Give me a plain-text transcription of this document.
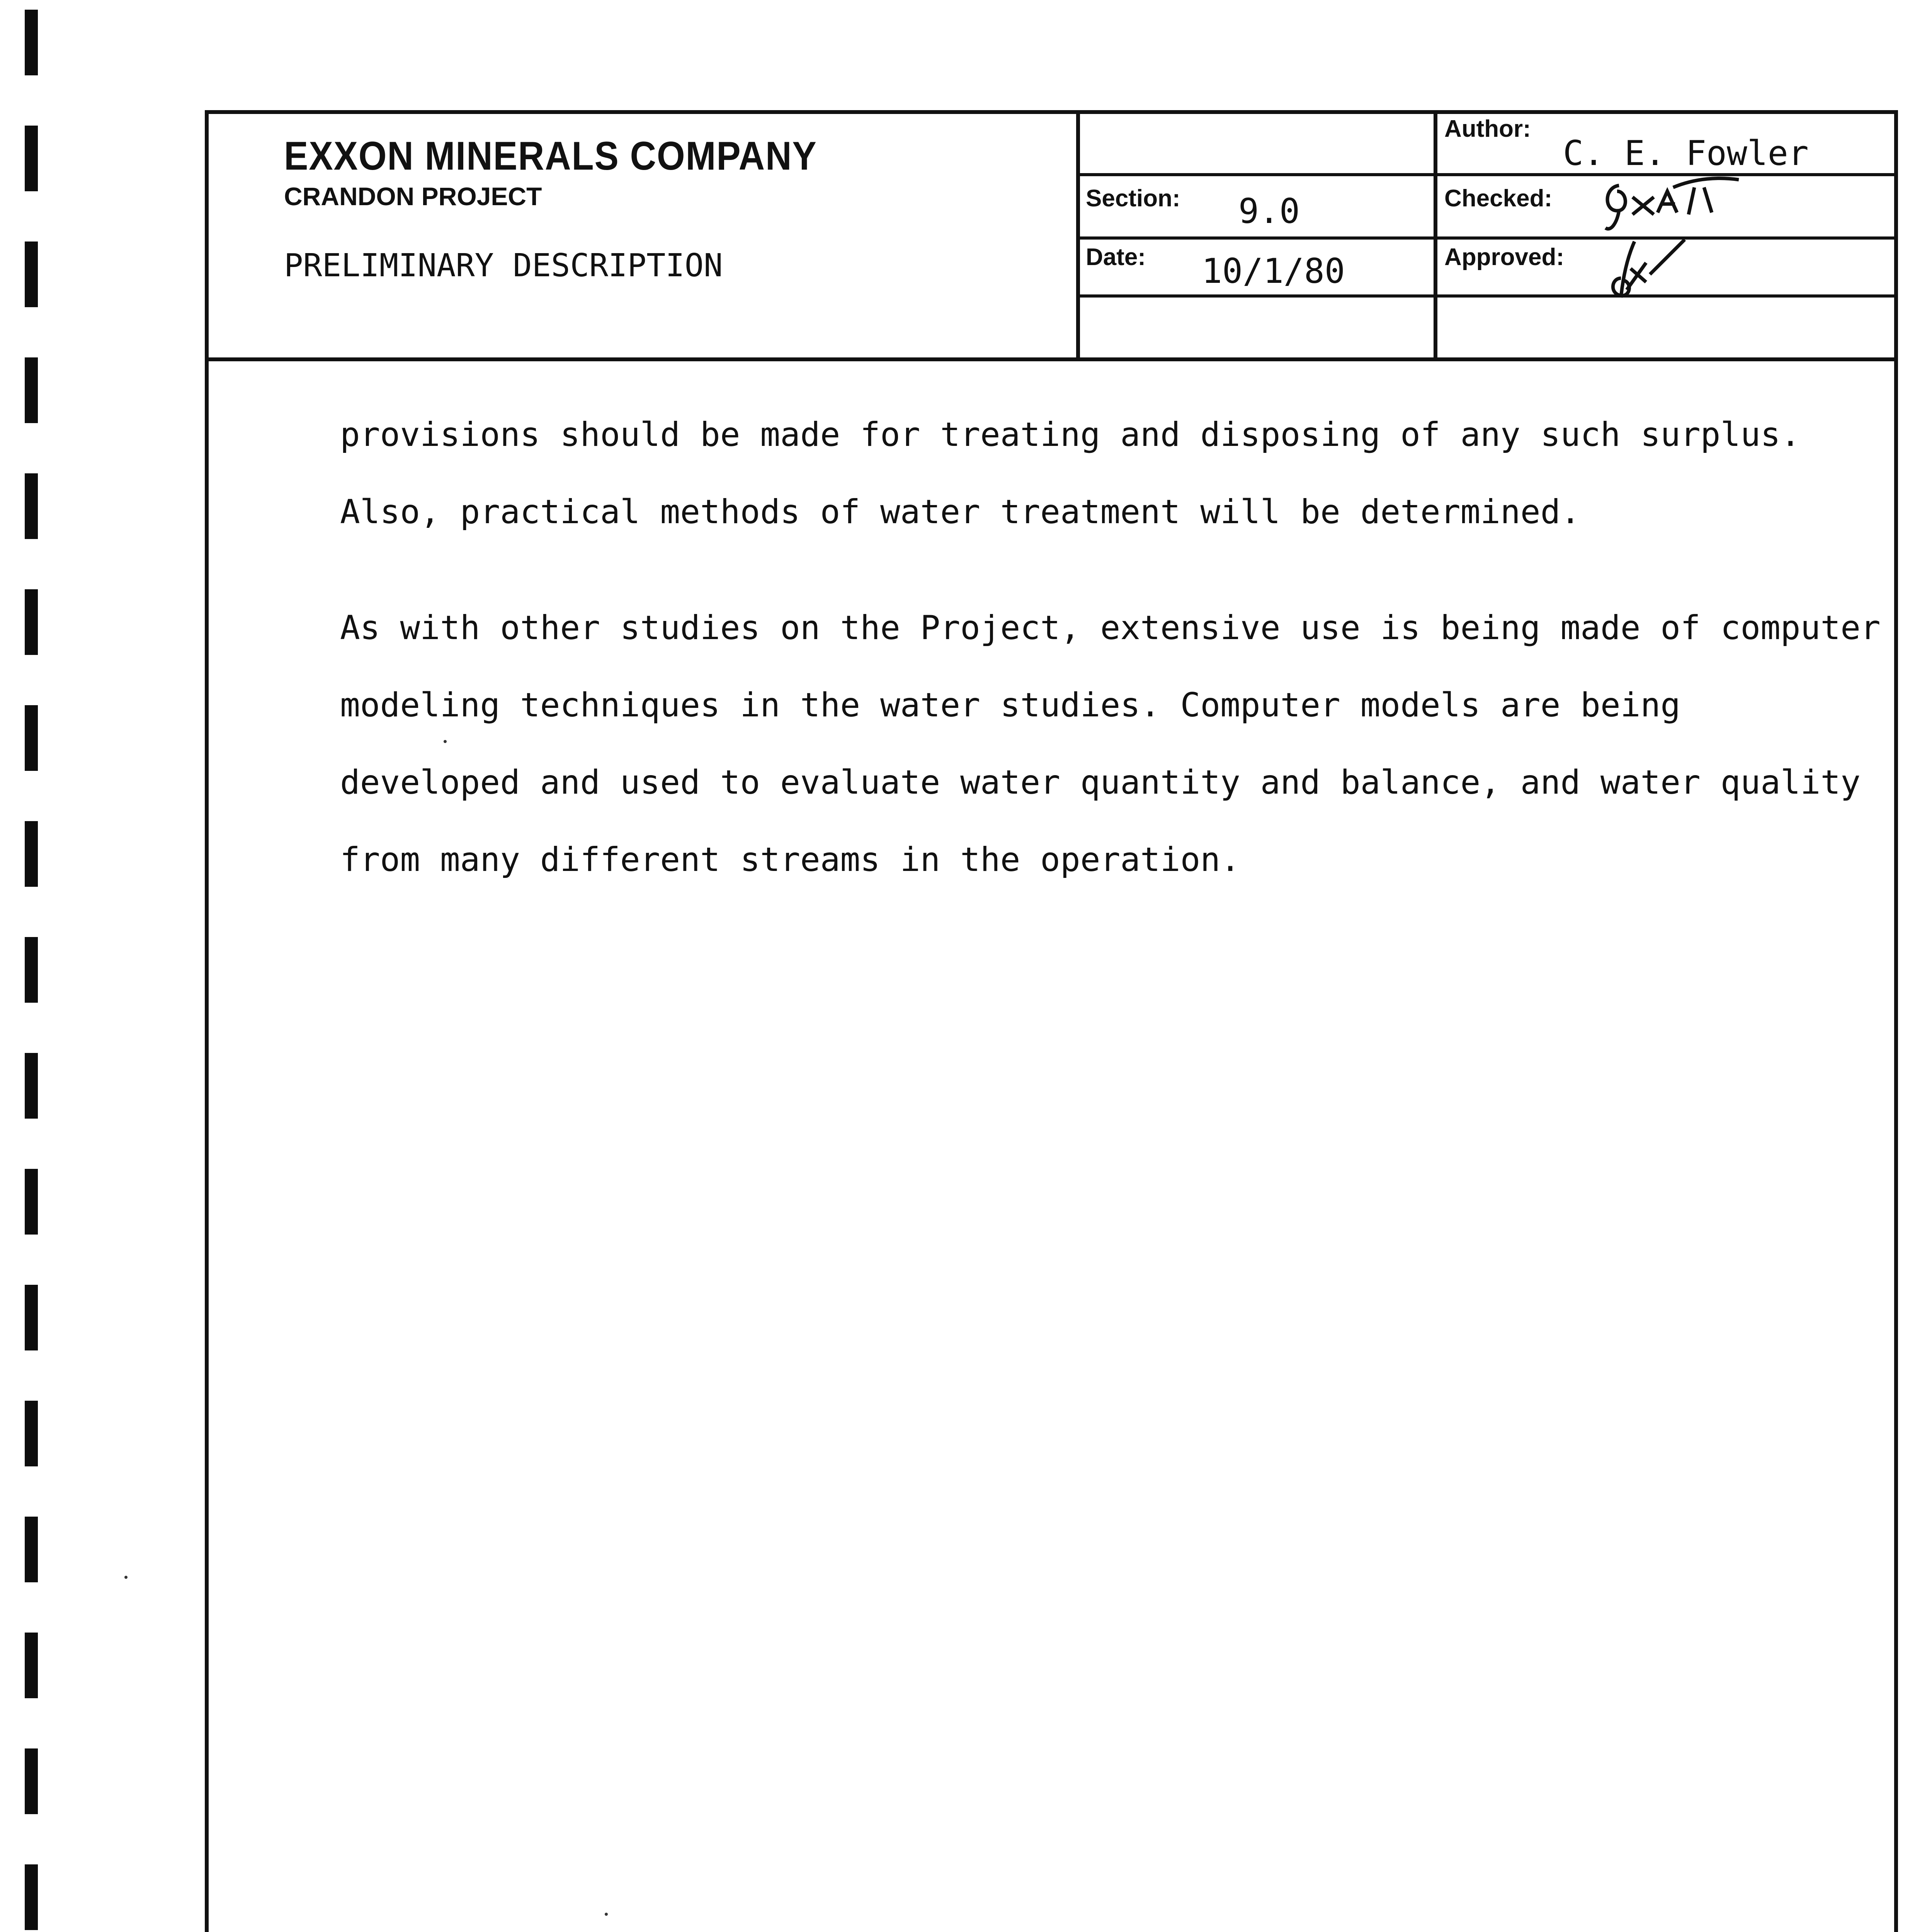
EXXON MINERALS COMPANY
CRANDON PROJECT
PRELIMINARY DESCRIPTION
Section: 9.0
Date: 10/1/80
Author:
C. E. Fowler
Checked:
Approved:
provisions should be made for treating and disposing of any such surplus.
Also, practical methods of water treatment will be determined.
As with other studies on the Project, extensive use is being made of computer
modeling techniques in the water studies. Computer models are being
developed and used to evaluate water quantity and balance, and water quality
from many different streams in the operation.
